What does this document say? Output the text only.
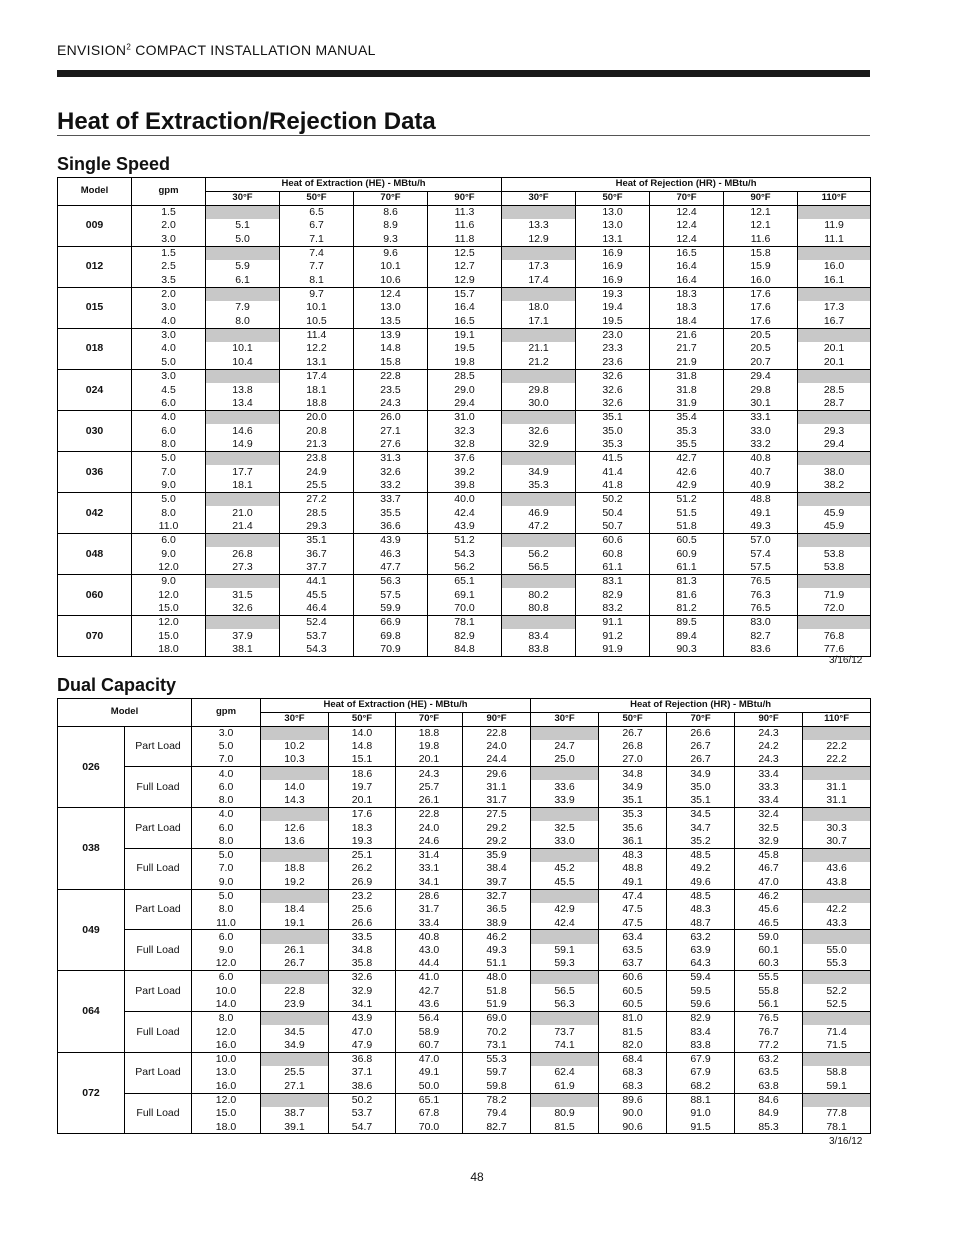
ENVISION$^2$ COMPACT INSTALLATION MANUAL
Heat of Extraction/Rejection Data
Single Speed
Model	gpm	Heat of Extraction (HE) - MBtu/h				Heat of Rejection (HR) - MBtu/h				
		30°F	50°F	70°F	90°F	30°F	50°F	70°F	90°F	110°F
009	1.5		6.5	8.6	11.3		13.0	12.4	12.1	
	2.0	5.1	6.7	8.9	11.6	13.3	13.0	12.4	12.1	11.9
	3.0	5.0	7.1	9.3	11.8	12.9	13.1	12.4	11.6	11.1
012	1.5		7.4	9.6	12.5		16.9	16.5	15.8	
	2.5	5.9	7.7	10.1	12.7	17.3	16.9	16.4	15.9	16.0
	3.5	6.1	8.1	10.6	12.9	17.4	16.9	16.4	16.0	16.1
015	2.0		9.7	12.4	15.7		19.3	18.3	17.6	
	3.0	7.9	10.1	13.0	16.4	18.0	19.4	18.3	17.6	17.3
	4.0	8.0	10.5	13.5	16.5	17.1	19.5	18.4	17.6	16.7
018	3.0		11.4	13.9	19.1		23.0	21.6	20.5	
	4.0	10.1	12.2	14.8	19.5	21.1	23.3	21.7	20.5	20.1
	5.0	10.4	13.1	15.8	19.8	21.2	23.6	21.9	20.7	20.1
024	3.0		17.4	22.8	28.5		32.6	31.8	29.4	
	4.5	13.8	18.1	23.5	29.0	29.8	32.6	31.8	29.8	28.5
	6.0	13.4	18.8	24.3	29.4	30.0	32.6	31.9	30.1	28.7
030	4.0		20.0	26.0	31.0		35.1	35.4	33.1	
	6.0	14.6	20.8	27.1	32.3	32.6	35.0	35.3	33.0	29.3
	8.0	14.9	21.3	27.6	32.8	32.9	35.3	35.5	33.2	29.4
036	5.0		23.8	31.3	37.6		41.5	42.7	40.8	
	7.0	17.7	24.9	32.6	39.2	34.9	41.4	42.6	40.7	38.0
	9.0	18.1	25.5	33.2	39.8	35.3	41.8	42.9	40.9	38.2
042	5.0		27.2	33.7	40.0		50.2	51.2	48.8	
	8.0	21.0	28.5	35.5	42.4	46.9	50.4	51.5	49.1	45.9
	11.0	21.4	29.3	36.6	43.9	47.2	50.7	51.8	49.3	45.9
048	6.0		35.1	43.9	51.2		60.6	60.5	57.0	
	9.0	26.8	36.7	46.3	54.3	56.2	60.8	60.9	57.4	53.8
	12.0	27.3	37.7	47.7	56.2	56.5	61.1	61.1	57.5	53.8
060	9.0		44.1	56.3	65.1		83.1	81.3	76.5	
	12.0	31.5	45.5	57.5	69.1	80.2	82.9	81.6	76.3	71.9
	15.0	32.6	46.4	59.9	70.0	80.8	83.2	81.2	76.5	72.0
070	12.0		52.4	66.9	78.1		91.1	89.5	83.0	
	15.0	37.9	53.7	69.8	82.9	83.4	91.2	89.4	82.7	76.8
	18.0	38.1	54.3	70.9	84.8	83.8	91.9	90.3	83.6	77.6
3/16/12
Dual Capacity
Model		gpm	Heat of Extraction (HE) - MBtu/h				Heat of Rejection (HR) - MBtu/h				
			30°F	50°F	70°F	90°F	30°F	50°F	70°F	90°F	110°F
026	Part Load	3.0		14.0	18.8	22.8		26.7	26.6	24.3	
		5.0	10.2	14.8	19.8	24.0	24.7	26.8	26.7	24.2	22.2
		7.0	10.3	15.1	20.1	24.4	25.0	27.0	26.7	24.3	22.2
	Full Load	4.0		18.6	24.3	29.6		34.8	34.9	33.4	
		6.0	14.0	19.7	25.7	31.1	33.6	34.9	35.0	33.3	31.1
		8.0	14.3	20.1	26.1	31.7	33.9	35.1	35.1	33.4	31.1
038	Part Load	4.0		17.6	22.8	27.5		35.3	34.5	32.4	
		6.0	12.6	18.3	24.0	29.2	32.5	35.6	34.7	32.5	30.3
		8.0	13.6	19.3	24.6	29.2	33.0	36.1	35.2	32.9	30.7
	Full Load	5.0		25.1	31.4	35.9		48.3	48.5	45.8	
		7.0	18.8	26.2	33.1	38.4	45.2	48.8	49.2	46.7	43.6
		9.0	19.2	26.9	34.1	39.7	45.5	49.1	49.6	47.0	43.8
049	Part Load	5.0		23.2	28.6	32.7		47.4	48.5	46.2	
		8.0	18.4	25.6	31.7	36.5	42.9	47.5	48.3	45.6	42.2
		11.0	19.1	26.6	33.4	38.9	42.4	47.5	48.7	46.5	43.3
	Full Load	6.0		33.5	40.8	46.2		63.4	63.2	59.0	
		9.0	26.1	34.8	43.0	49.3	59.1	63.5	63.9	60.1	55.0
		12.0	26.7	35.8	44.4	51.1	59.3	63.7	64.3	60.3	55.3
064	Part Load	6.0		32.6	41.0	48.0		60.6	59.4	55.5	
		10.0	22.8	32.9	42.7	51.8	56.5	60.5	59.5	55.8	52.2
		14.0	23.9	34.1	43.6	51.9	56.3	60.5	59.6	56.1	52.5
	Full Load	8.0		43.9	56.4	69.0		81.0	82.9	76.5	
		12.0	34.5	47.0	58.9	70.2	73.7	81.5	83.4	76.7	71.4
		16.0	34.9	47.9	60.7	73.1	74.1	82.0	83.8	77.2	71.5
072	Part Load	10.0		36.8	47.0	55.3		68.4	67.9	63.2	
		13.0	25.5	37.1	49.1	59.7	62.4	68.3	67.9	63.5	58.8
		16.0	27.1	38.6	50.0	59.8	61.9	68.3	68.2	63.8	59.1
	Full Load	12.0		50.2	65.1	78.2		89.6	88.1	84.6	
		15.0	38.7	53.7	67.8	79.4	80.9	90.0	91.0	84.9	77.8
		18.0	39.1	54.7	70.0	82.7	81.5	90.6	91.5	85.3	78.1
3/16/12
48
